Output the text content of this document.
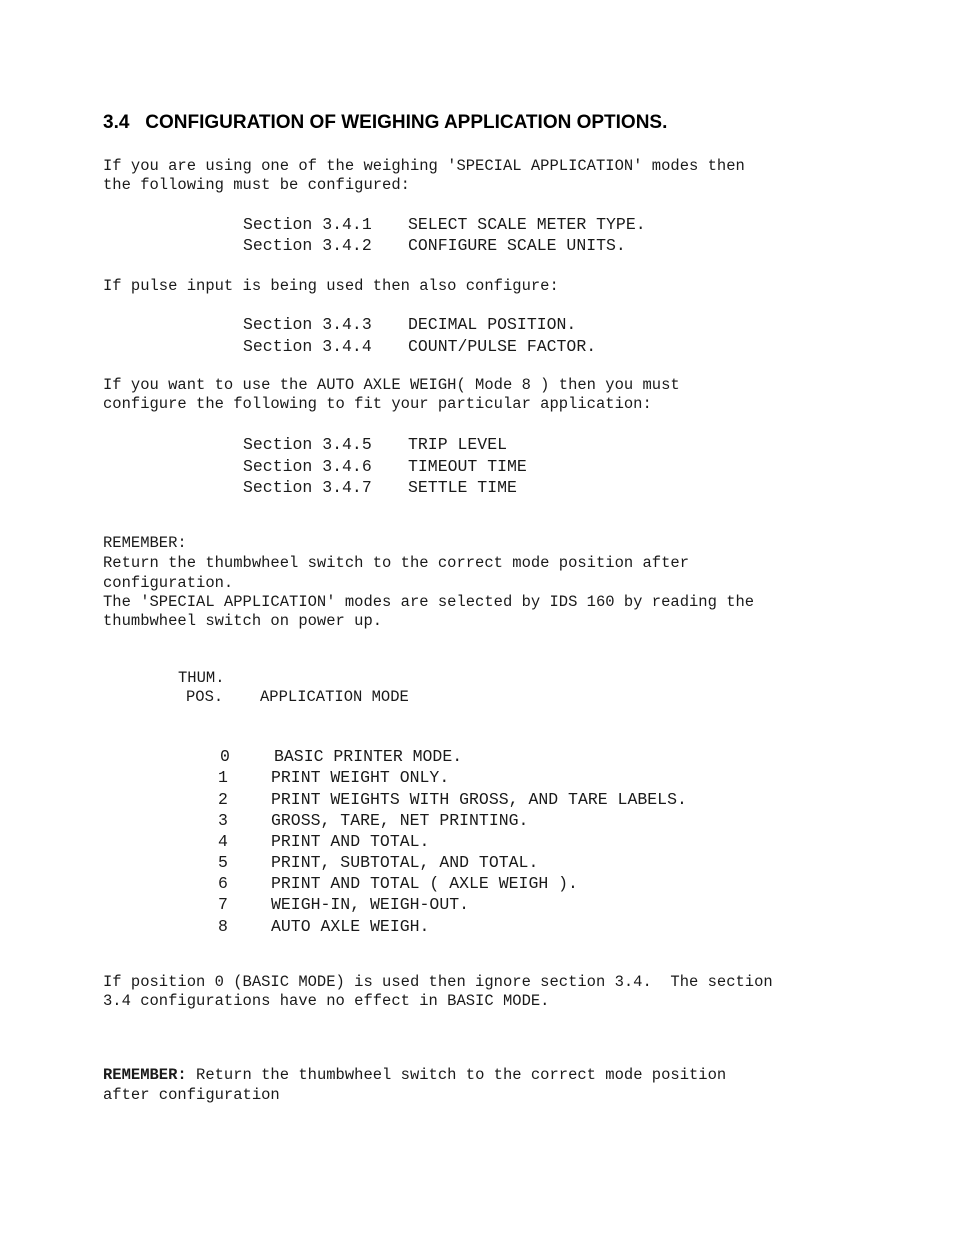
3.4   CONFIGURATION OF WEIGHING APPLICATION OPTIONS.
If you are using one of the weighing 'SPECIAL APPLICATION' modes then
the following must be configured:
Section 3.4.1 SELECT SCALE METER TYPE.
Section 3.4.2 CONFIGURE SCALE UNITS.
If pulse input is being used then also configure:
Section 3.4.3 DECIMAL POSITION.
Section 3.4.4 COUNT/PULSE FACTOR.
If you want to use the AUTO AXLE WEIGH( Mode 8 ) then you must
configure the following to fit your particular application:
Section 3.4.5 TRIP LEVEL
Section 3.4.6 TIMEOUT TIME
Section 3.4.7 SETTLE TIME
REMEMBER:
Return the thumbwheel switch to the correct mode position after
configuration.
The 'SPECIAL APPLICATION' modes are selected by IDS 160 by reading the
thumbwheel switch on power up.
THUM.
POS. APPLICATION MODE
0	BASIC PRINTER MODE.
1	PRINT WEIGHT ONLY.
2	PRINT WEIGHTS WITH GROSS, AND TARE LABELS.
3	GROSS, TARE, NET PRINTING.
4	PRINT AND TOTAL.
5	PRINT, SUBTOTAL, AND TOTAL.
6	PRINT AND TOTAL ( AXLE WEIGH ).
7	WEIGH-IN, WEIGH-OUT.
8	AUTO AXLE WEIGH.
If position 0 (BASIC MODE) is used then ignore section 3.4.  The section
3.4 configurations have no effect in BASIC MODE.
REMEMBER: Return the thumbwheel switch to the correct mode position
after configuration
